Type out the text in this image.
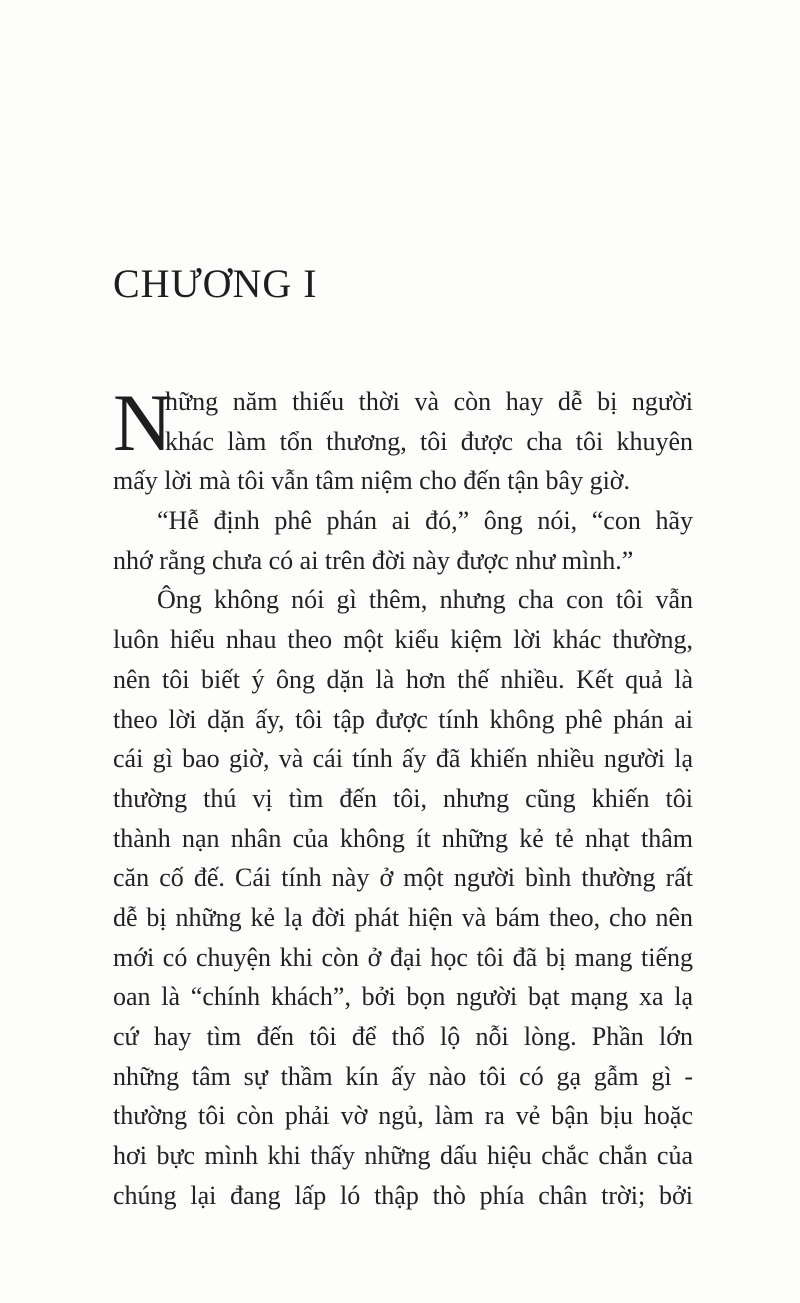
CHƯƠNG I
N
hững năm thiếu thời và còn hay dễ bị người
khác làm tổn thương, tôi được cha tôi khuyên
mấy lời mà tôi vẫn tâm niệm cho đến tận bây giờ.
“Hễ định phê phán ai đó,” ông nói, “con hãy
nhớ rằng chưa có ai trên đời này được như mình.”
Ông không nói gì thêm, nhưng cha con tôi vẫn
luôn hiểu nhau theo một kiểu kiệm lời khác thường,
nên tôi biết ý ông dặn là hơn thế nhiều. Kết quả là
theo lời dặn ấy, tôi tập được tính không phê phán ai
cái gì bao giờ, và cái tính ấy đã khiến nhiều người lạ
thường thú vị tìm đến tôi, nhưng cũng khiến tôi
thành nạn nhân của không ít những kẻ tẻ nhạt thâm
căn cố đế. Cái tính này ở một người bình thường rất
dễ bị những kẻ lạ đời phát hiện và bám theo, cho nên
mới có chuyện khi còn ở đại học tôi đã bị mang tiếng
oan là “chính khách”, bởi bọn người bạt mạng xa lạ
cứ hay tìm đến tôi để thổ lộ nỗi lòng. Phần lớn
những tâm sự thầm kín ấy nào tôi có gạ gẫm gì -
thường tôi còn phải vờ ngủ, làm ra vẻ bận bịu hoặc
hơi bực mình khi thấy những dấu hiệu chắc chắn của
chúng lại đang lấp ló thập thò phía chân trời; bởi
